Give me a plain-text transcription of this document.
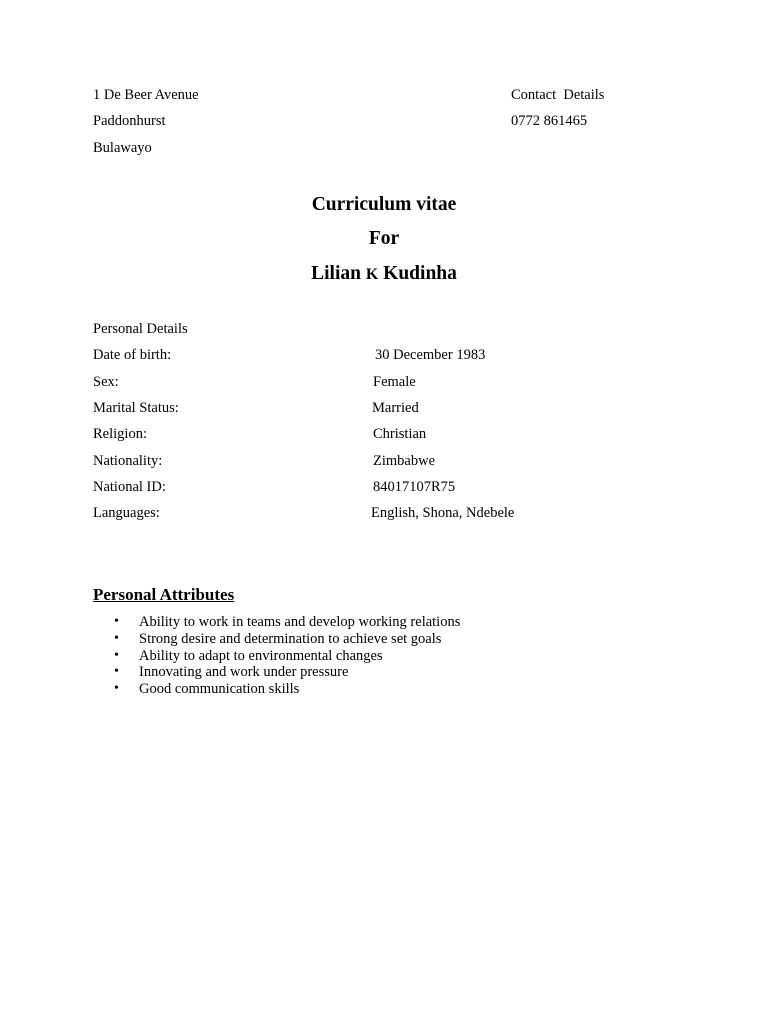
1 De Beer Avenue
Paddonhurst
Bulawayo
Contact  Details
0772 861465
Curriculum vitae
For
Lilian K Kudinha
Personal Details
Date of birth:	30 December 1983
Sex:	Female
Marital Status:	Married
Religion:	Christian
Nationality:	Zimbabwe
National ID:	84017107R75
Languages:	English, Shona, Ndebele
Personal Attributes
• Ability to work in teams and develop working relations
• Strong desire and determination to achieve set goals
• Ability to adapt to environmental changes
• Innovating and work under pressure
• Good communication skills
